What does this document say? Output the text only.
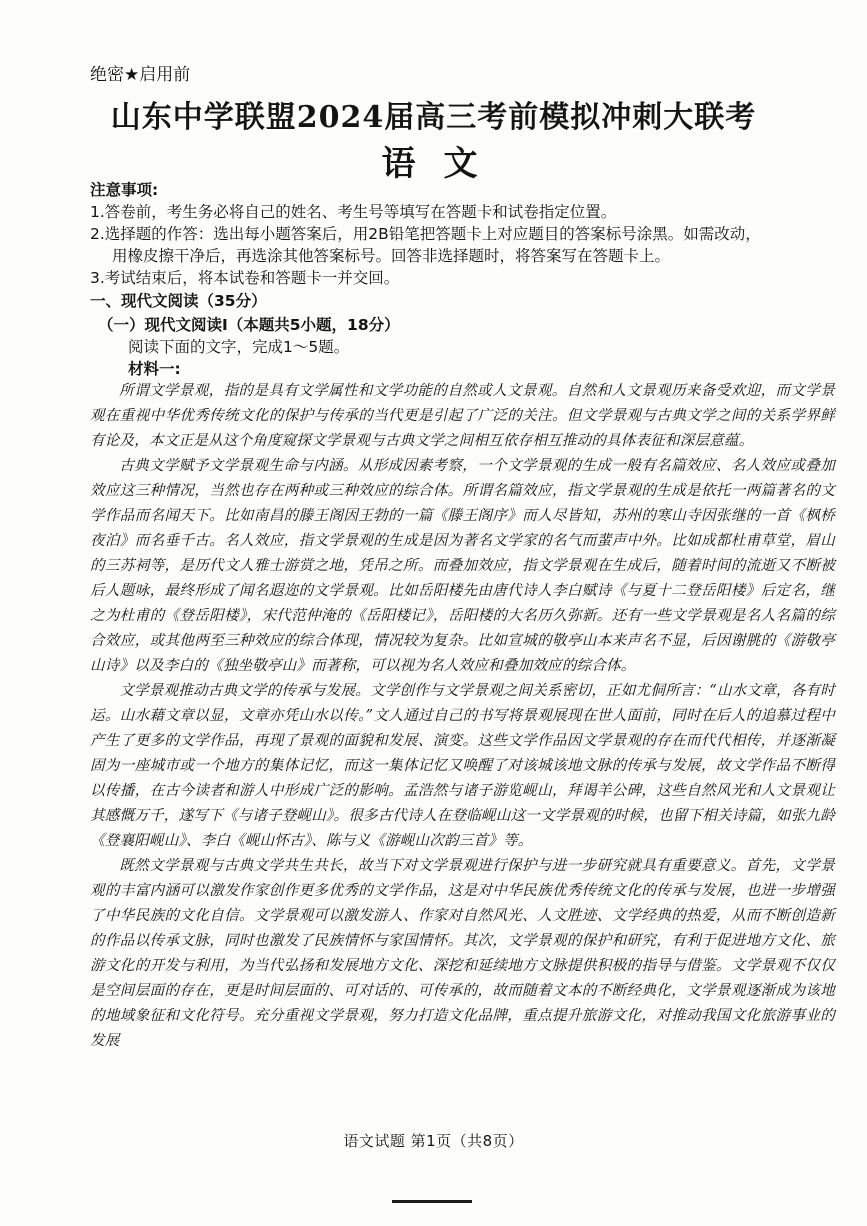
绝密★启用前
山东中学联盟2024届高三考前模拟冲刺大联考
语文
注意事项:
1.答卷前，考生务必将自己的姓名、考生号等填写在答题卡和试卷指定位置。
2.选择题的作答：选出每小题答案后，用2B铅笔把答题卡上对应题目的答案标号涂黑。如需改动，
用橡皮擦干净后，再选涂其他答案标号。回答非选择题时，将答案写在答题卡上。
3.考试结束后，将本试卷和答题卡一并交回。
一、现代文阅读（35分）
（一）现代文阅读Ⅰ（本题共5小题，18分）
阅读下面的文字，完成1～5题。
材料一:

所谓文学景观，指的是具有文学属性和文学功能的自然或人文景观。自然和人文景观历来备受欢迎，而文学景观在重视中华优秀传统文化的保护与传承的当代更是引起了广泛的关注。但文学景观与古典文学之间的关系学界鲜有论及，本文正是从这个角度窥探文学景观与古典文学之间相互依存相互推动的具体表征和深层意蕴。

古典文学赋予文学景观生命与内涵。从形成因素考察，一个文学景观的生成一般有名篇效应、名人效应或叠加效应这三种情况，当然也存在两种或三种效应的综合体。所谓名篇效应，指文学景观的生成是依托一两篇著名的文学作品而名闻天下。比如南昌的滕王阁因王勃的一篇《滕王阁序》而人尽皆知，苏州的寒山寺因张继的一首《枫桥夜泊》而名垂千古。名人效应，指文学景观的生成是因为著名文学家的名气而蜚声中外。比如成都杜甫草堂，眉山的三苏祠等，是历代文人雅士游赏之地，凭吊之所。而叠加效应，指文学景观在生成后，随着时间的流逝又不断被后人题咏，最终形成了闻名遐迩的文学景观。比如岳阳楼先由唐代诗人李白赋诗《与夏十二登岳阳楼》后定名，继之为杜甫的《登岳阳楼》，宋代范仲淹的《岳阳楼记》，岳阳楼的大名历久弥新。还有一些文学景观是名人名篇的综合效应，或其他两至三种效应的综合体现，情况较为复杂。比如宣城的敬亭山本来声名不显，后因谢朓的《游敬亭山诗》以及李白的《独坐敬亭山》而著称，可以视为名人效应和叠加效应的综合体。

文学景观推动古典文学的传承与发展。文学创作与文学景观之间关系密切，正如尤侗所言：“山水文章，各有时运。山水藉文章以显，文章亦凭山水以传。”文人通过自己的书写将景观展现在世人面前，同时在后人的追慕过程中产生了更多的文学作品，再现了景观的面貌和发展、演变。这些文学作品因文学景观的存在而代代相传，并逐渐凝固为一座城市或一个地方的集体记忆，而这一集体记忆又唤醒了对该城该地文脉的传承与发展，故文学作品不断得以传播，在古今读者和游人中形成广泛的影响。孟浩然与诸子游览岘山，拜谒羊公碑，这些自然风光和人文景观让其感慨万千，遂写下《与诸子登岘山》。很多古代诗人在登临岘山这一文学景观的时候，也留下相关诗篇，如张九龄《登襄阳岘山》、李白《岘山怀古》、陈与义《游岘山次韵三首》等。

既然文学景观与古典文学共生共长，故当下对文学景观进行保护与进一步研究就具有重要意义。首先，文学景观的丰富内涵可以激发作家创作更多优秀的文学作品，这是对中华民族优秀传统文化的传承与发展，也进一步增强了中华民族的文化自信。文学景观可以激发游人、作家对自然风光、人文胜迹、文学经典的热爱，从而不断创造新的作品以传承文脉，同时也激发了民族情怀与家国情怀。其次，文学景观的保护和研究，有利于促进地方文化、旅游文化的开发与利用，为当代弘扬和发展地方文化、深挖和延续地方文脉提供积极的指导与借鉴。文学景观不仅仅是空间层面的存在，更是时间层面的、可对话的、可传承的，故而随着文本的不断经典化，文学景观逐渐成为该地的地域象征和文化符号。充分重视文学景观，努力打造文化品牌，重点提升旅游文化，对推动我国文化旅游事业的发展

语文试题 第1页（共8页）
